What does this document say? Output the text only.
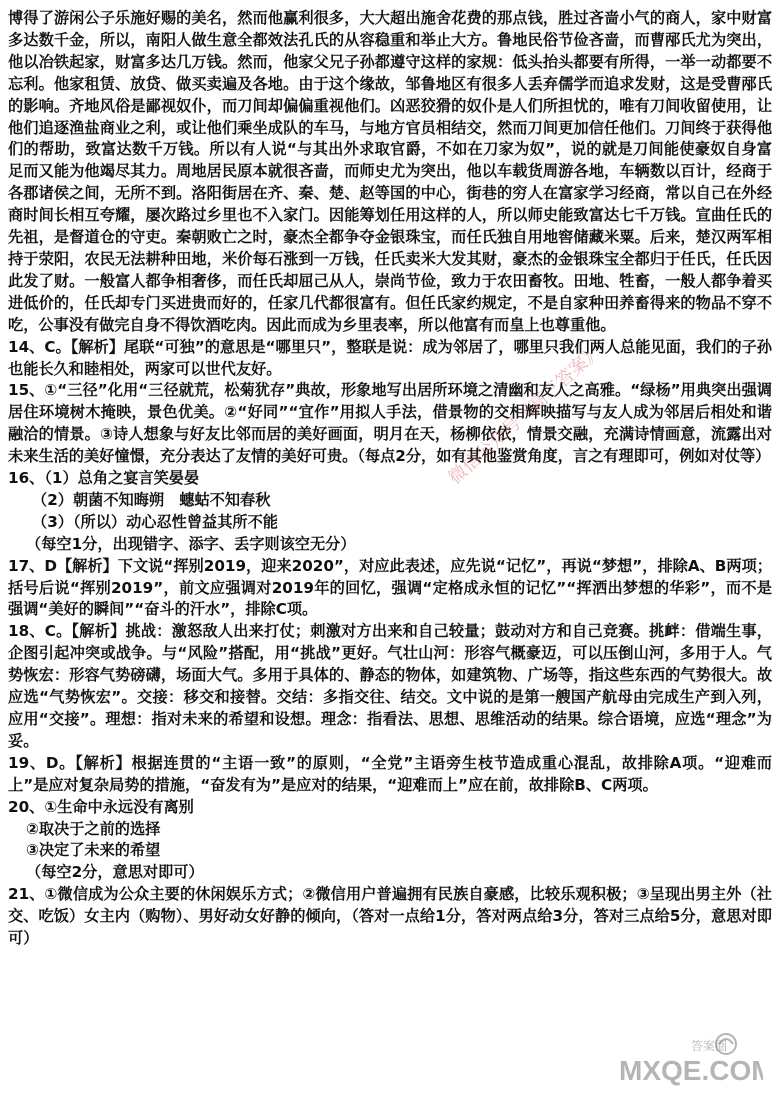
博得了游闲公子乐施好赐的美名，然而他赢利很多，大大超出施舍花费的那点钱，胜过吝啬小气的商人，家中财富多达数千金，所以，南阳人做生意全都效法孔氏的从容稳重和举止大方。鲁地民俗节俭吝啬，而曹邴氏尤为突出，他以冶铁起家，财富多达几万钱。然而，他家父兄子孙都遵守这样的家规：低头抬头都要有所得，一举一动都要不忘利。他家租赁、放贷、做买卖遍及各地。由于这个缘故，邹鲁地区有很多人丢弃儒学而追求发财，这是受曹邴氏的影响。齐地风俗是鄙视奴仆，而刀间却偏偏重视他们。凶恶狡猾的奴仆是人们所担忧的，唯有刀间收留使用，让他们追逐渔盐商业之利，或让他们乘坐成队的车马，与地方官员相结交，然而刀间更加信任他们。刀间终于获得他们的帮助，致富达数千万钱。所以有人说“与其出外求取官爵，不如在刀家为奴”，说的就是刀间能使豪奴自身富足而又能为他竭尽其力。周地居民原本就很吝啬，而师史尤为突出，他以车载货周游各地，车辆数以百计，经商于各郡诸侯之间，无所不到。洛阳街居在齐、秦、楚、赵等国的中心，街巷的穷人在富家学习经商，常以自己在外经商时间长相互夸耀，屡次路过乡里也不入家门。因能筹划任用这样的人，所以师史能致富达七千万钱。宣曲任氏的先祖，是督道仓的守吏。秦朝败亡之时，豪杰全都争夺金银珠宝，而任氏独自用地窖储藏米粟。后来，楚汉两军相持于荥阳，农民无法耕种田地，米价每石涨到一万钱，任氏卖米大发其财，豪杰的金银珠宝全都归于任氏，任氏因此发了财。一般富人都争相奢侈，而任氏却屈己从人，崇尚节俭，致力于农田畜牧。田地、牲畜，一般人都争着买进低价的，任氏却专门买进贵而好的，任家几代都很富有。但任氏家约规定，不是自家种田养畜得来的物品不穿不吃，公事没有做完自身不得饮酒吃肉。因此而成为乡里表率，所以他富有而皇上也尊重他。

14、C。【解析】尾联“可独”的意思是“哪里只”，整联是说：成为邻居了，哪里只我们两人总能见面，我们的子孙也能长久和睦相处，两家可以世代友好。

15、①“三径”化用“三径就荒，松菊犹存”典故，形象地写出居所环境之清幽和友人之高雅。“绿杨”用典突出强调居住环境树木掩映，景色优美。②“好同”“宜作”用拟人手法，借景物的交相辉映描写与友人成为邻居后相处和谐融洽的情景。③诗人想象与好友比邻而居的美好画面，明月在天，杨柳依依，情景交融，充满诗情画意，流露出对未来生活的美好憧憬，充分表达了友情的美好可贵。（每点2分，如有其他鉴赏角度，言之有理即可，例如对仗等）

16、（1）总角之宴言笑晏晏

（2）朝菌不知晦朔　蟪蛄不知春秋

（3）（所以）动心忍性曾益其所不能

（每空1分，出现错字、添字、丢字则该空无分）

17、D【解析】下文说“挥别2019，迎来2020”，对应此表述，应先说“记忆”，再说“梦想”，排除A、B两项；括号后说“挥别2019”，前文应强调对2019年的回忆，强调“定格成永恒的记忆”“挥洒出梦想的华彩”，而不是强调“美好的瞬间”“奋斗的汗水”，排除C项。

18、C。【解析】挑战：激怒敌人出来打仗；刺激对方出来和自己较量；鼓动对方和自己竞赛。挑衅：借端生事，企图引起冲突或战争。与“风险”搭配，用“挑战”更好。气壮山河：形容气概豪迈，可以压倒山河，多用于人。气势恢宏：形容气势磅礴，场面大气。多用于具体的、静态的物体，如建筑物、广场等，指这些东西的气势很大。故应选“气势恢宏”。交接：移交和接替。交结：多指交往、结交。文中说的是第一艘国产航母由完成生产到入列，应用“交接”。理想：指对未来的希望和设想。理念：指看法、思想、思维活动的结果。综合语境，应选“理念”为妥。

19、D。【解析】根据连贯的“主语一致”的原则，“全党”主语旁生枝节造成重心混乱，故排除A项。“迎难而上”是应对复杂局势的措施，“奋发有为”是应对的结果，“迎难而上”应在前，故排除B、C两项。

20、①生命中永远没有离别

②取决于之前的选择

③决定了未来的希望

（每空2分，意思对即可）

21、①微信成为公众主要的休闲娱乐方式；②微信用户普遍拥有民族自豪感，比较乐观积极；③呈现出男主外（社交、吃饭）女主内（购物）、男好动女好静的倾向，（答对一点给1分，答对两点给3分，答对三点给5分，意思对即可）

微信公众号《高三答案》
MXQE.COM
答案圈
